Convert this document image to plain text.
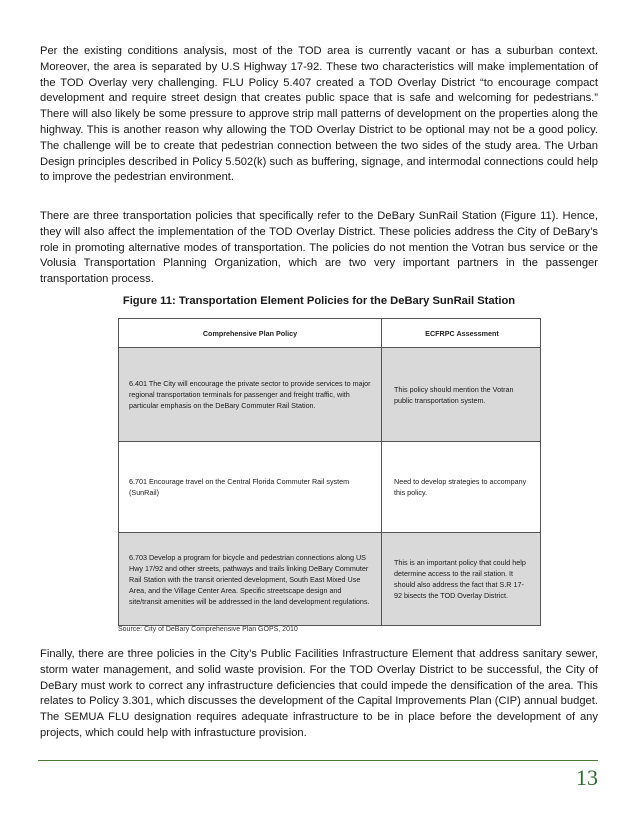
Per the existing conditions analysis, most of the TOD area is currently vacant or has a suburban context. Moreover, the area is separated by U.S Highway 17-92. These two characteristics will make implementation of the TOD Overlay very challenging. FLU Policy 5.407 created a TOD Overlay District “to encourage compact development and require street design that creates public space that is safe and welcoming for pedestrians.” There will also likely be some pressure to approve strip mall patterns of development on the properties along the highway. This is another reason why allowing the TOD Overlay District to be optional may not be a good policy. The challenge will be to create that pedestrian connection between the two sides of the study area. The Urban Design principles described in Policy 5.502(k) such as buffering, signage, and intermodal connections could help to improve the pedestrian environment.

There are three transportation policies that specifically refer to the DeBary SunRail Station (Figure 11). Hence, they will also affect the implementation of the TOD Overlay District. These policies address the City of DeBary’s role in promoting alternative modes of transportation. The policies do not mention the Votran bus service or the Volusia Transportation Planning Organization, which are two very important partners in the passenger transportation process.

Figure 11: Transportation Element Policies for the DeBary SunRail Station
Comprehensive Plan Policy	ECFRPC Assessment
6.401 The City will encourage the private sector to provide services to major regional transportation terminals for passenger and freight traffic, with particular emphasis on the DeBary Commuter Rail Station.	This policy should mention the Votran public transportation system.
6.701 Encourage travel on the Central Florida Commuter Rail system (SunRail)	Need to develop strategies to accompany this policy.
6.703 Develop a program for bicycle and pedestrian connections along US Hwy 17/92 and other streets, pathways and trails linking DeBary Commuter Rail Station with the transit oriented development, South East Mixed Use Area, and the Village Center Area. Specific streetscape design and site/transit amenities will be addressed in the land development regulations.	This is an important policy that could help determine access to the rail station. It should also address the fact that S.R 17-92 bisects the TOD Overlay District.
Source: City of DeBary Comprehensive Plan GOPS, 2010

Finally, there are three policies in the City’s Public Facilities Infrastructure Element that address sanitary sewer, storm water management, and solid waste provision. For the TOD Overlay District to be successful, the City of DeBary must work to correct any infrastructure deficiencies that could impede the densification of the area. This relates to Policy 3.301, which discusses the development of the Capital Improvements Plan (CIP) annual budget. The SEMUA FLU designation requires adequate infrastructure to be in place before the development of any projects, which could help with infrastucture provision.

13
